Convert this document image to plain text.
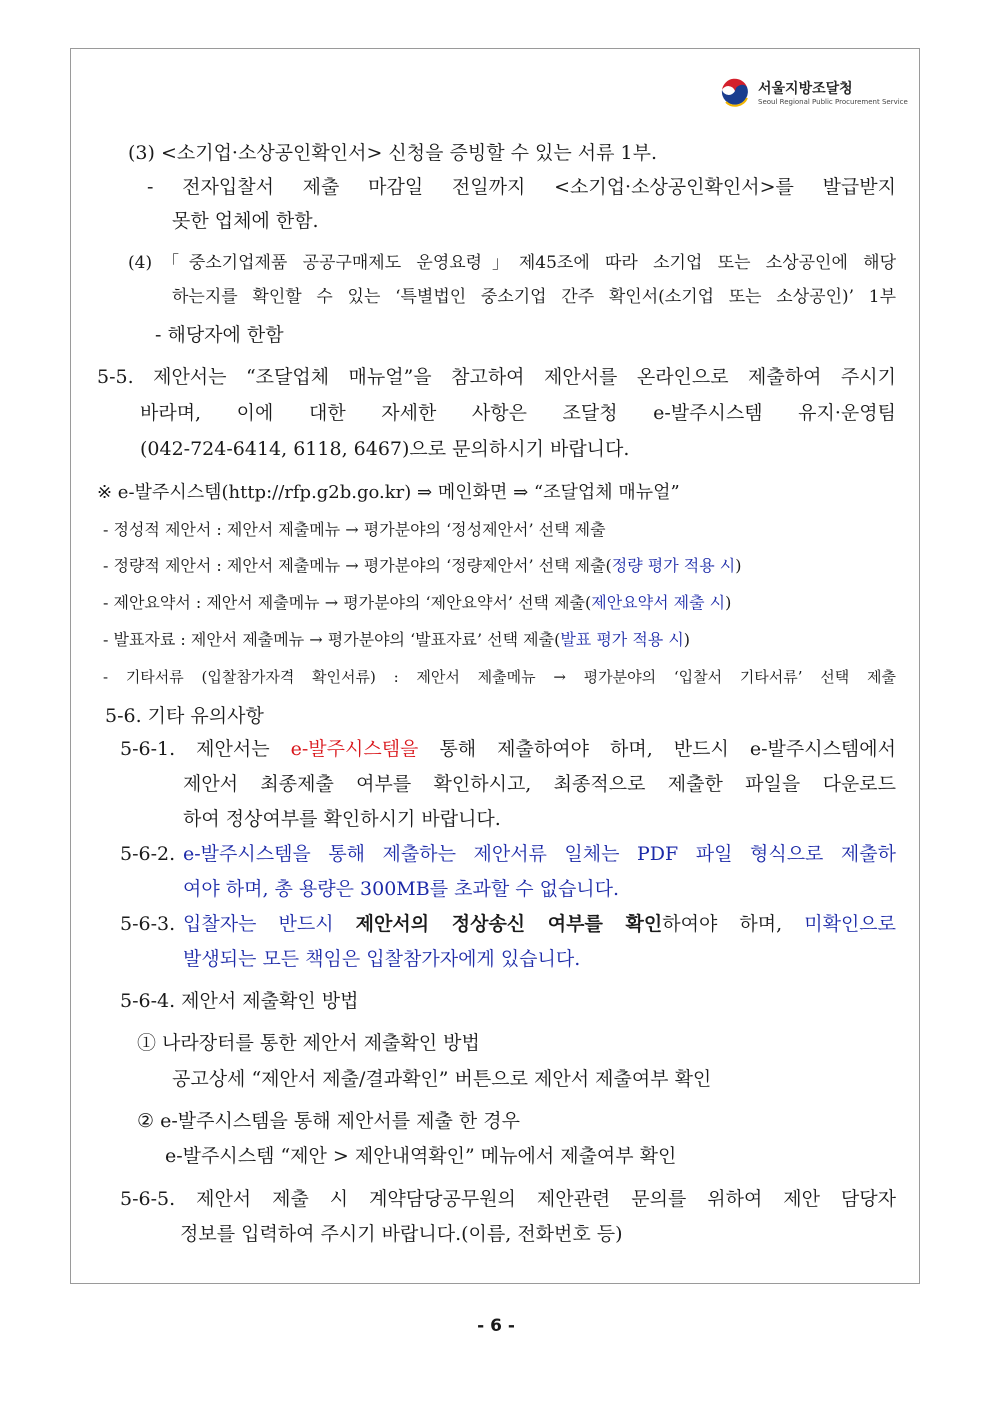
서울지방조달청
Seoul Regional Public Procurement Service
(3) <소기업·소상공인확인서> 신청을 증빙할 수 있는 서류 1부.
- 전자입찰서 제출 마감일 전일까지 <소기업·소상공인확인서>를 발급받지
못한 업체에 한함.
(4)「중소기업제품 공공구매제도 운영요령」제45조에 따라 소기업 또는 소상공인에 해당
하는지를 확인할 수 있는 ‘특별법인 중소기업 간주 확인서(소기업 또는 소상공인)’ 1부
- 해당자에 한함
5-5. 제안서는 “조달업체 매뉴얼”을 참고하여 제안서를 온라인으로 제출하여 주시기
바라며, 이에 대한 자세한 사항은 조달청 e-발주시스템 유지·운영팀
(042-724-6414, 6118, 6467)으로 문의하시기 바랍니다.
※ e-발주시스템(http://rfp.g2b.go.kr) ⇒ 메인화면 ⇒ “조달업체 매뉴얼”
- 정성적 제안서 : 제안서 제출메뉴 → 평가분야의 ‘정성제안서’ 선택 제출
- 정량적 제안서 : 제안서 제출메뉴 → 평가분야의 ‘정량제안서’ 선택 제출(정량 평가 적용 시)
- 제안요약서 : 제안서 제출메뉴 → 평가분야의 ‘제안요약서’ 선택 제출(제안요약서 제출 시)
- 발표자료 : 제안서 제출메뉴 → 평가분야의 ‘발표자료’ 선택 제출(발표 평가 적용 시)
- 기타서류 (입찰참가자격 확인서류) : 제안서 제출메뉴 → 평가분야의 ‘입찰서 기타서류’ 선택 제출
5-6. 기타 유의사항
5-6-1. 제안서는 e-발주시스템을 통해 제출하여야 하며, 반드시 e-발주시스템에서
제안서 최종제출 여부를 확인하시고, 최종적으로 제출한 파일을 다운로드
하여 정상여부를 확인하시기 바랍니다.
5-6-2. e-발주시스템을 통해 제출하는 제안서류 일체는 PDF 파일 형식으로 제출하
여야 하며, 총 용량은 300MB를 초과할 수 없습니다.
5-6-3. 입찰자는 반드시 제안서의 정상송신 여부를 확인하여야 하며, 미확인으로
발생되는 모든 책임은 입찰참가자에게 있습니다.
5-6-4. 제안서 제출확인 방법
① 나라장터를 통한 제안서 제출확인 방법
공고상세 “제안서 제출/결과확인” 버튼으로 제안서 제출여부 확인
② e-발주시스템을 통해 제안서를 제출 한 경우
e-발주시스템 “제안 > 제안내역확인” 메뉴에서 제출여부 확인
5-6-5. 제안서 제출 시 계약담당공무원의 제안관련 문의를 위하여 제안 담당자
정보를 입력하여 주시기 바랍니다.(이름, 전화번호 등)
- 6 -
